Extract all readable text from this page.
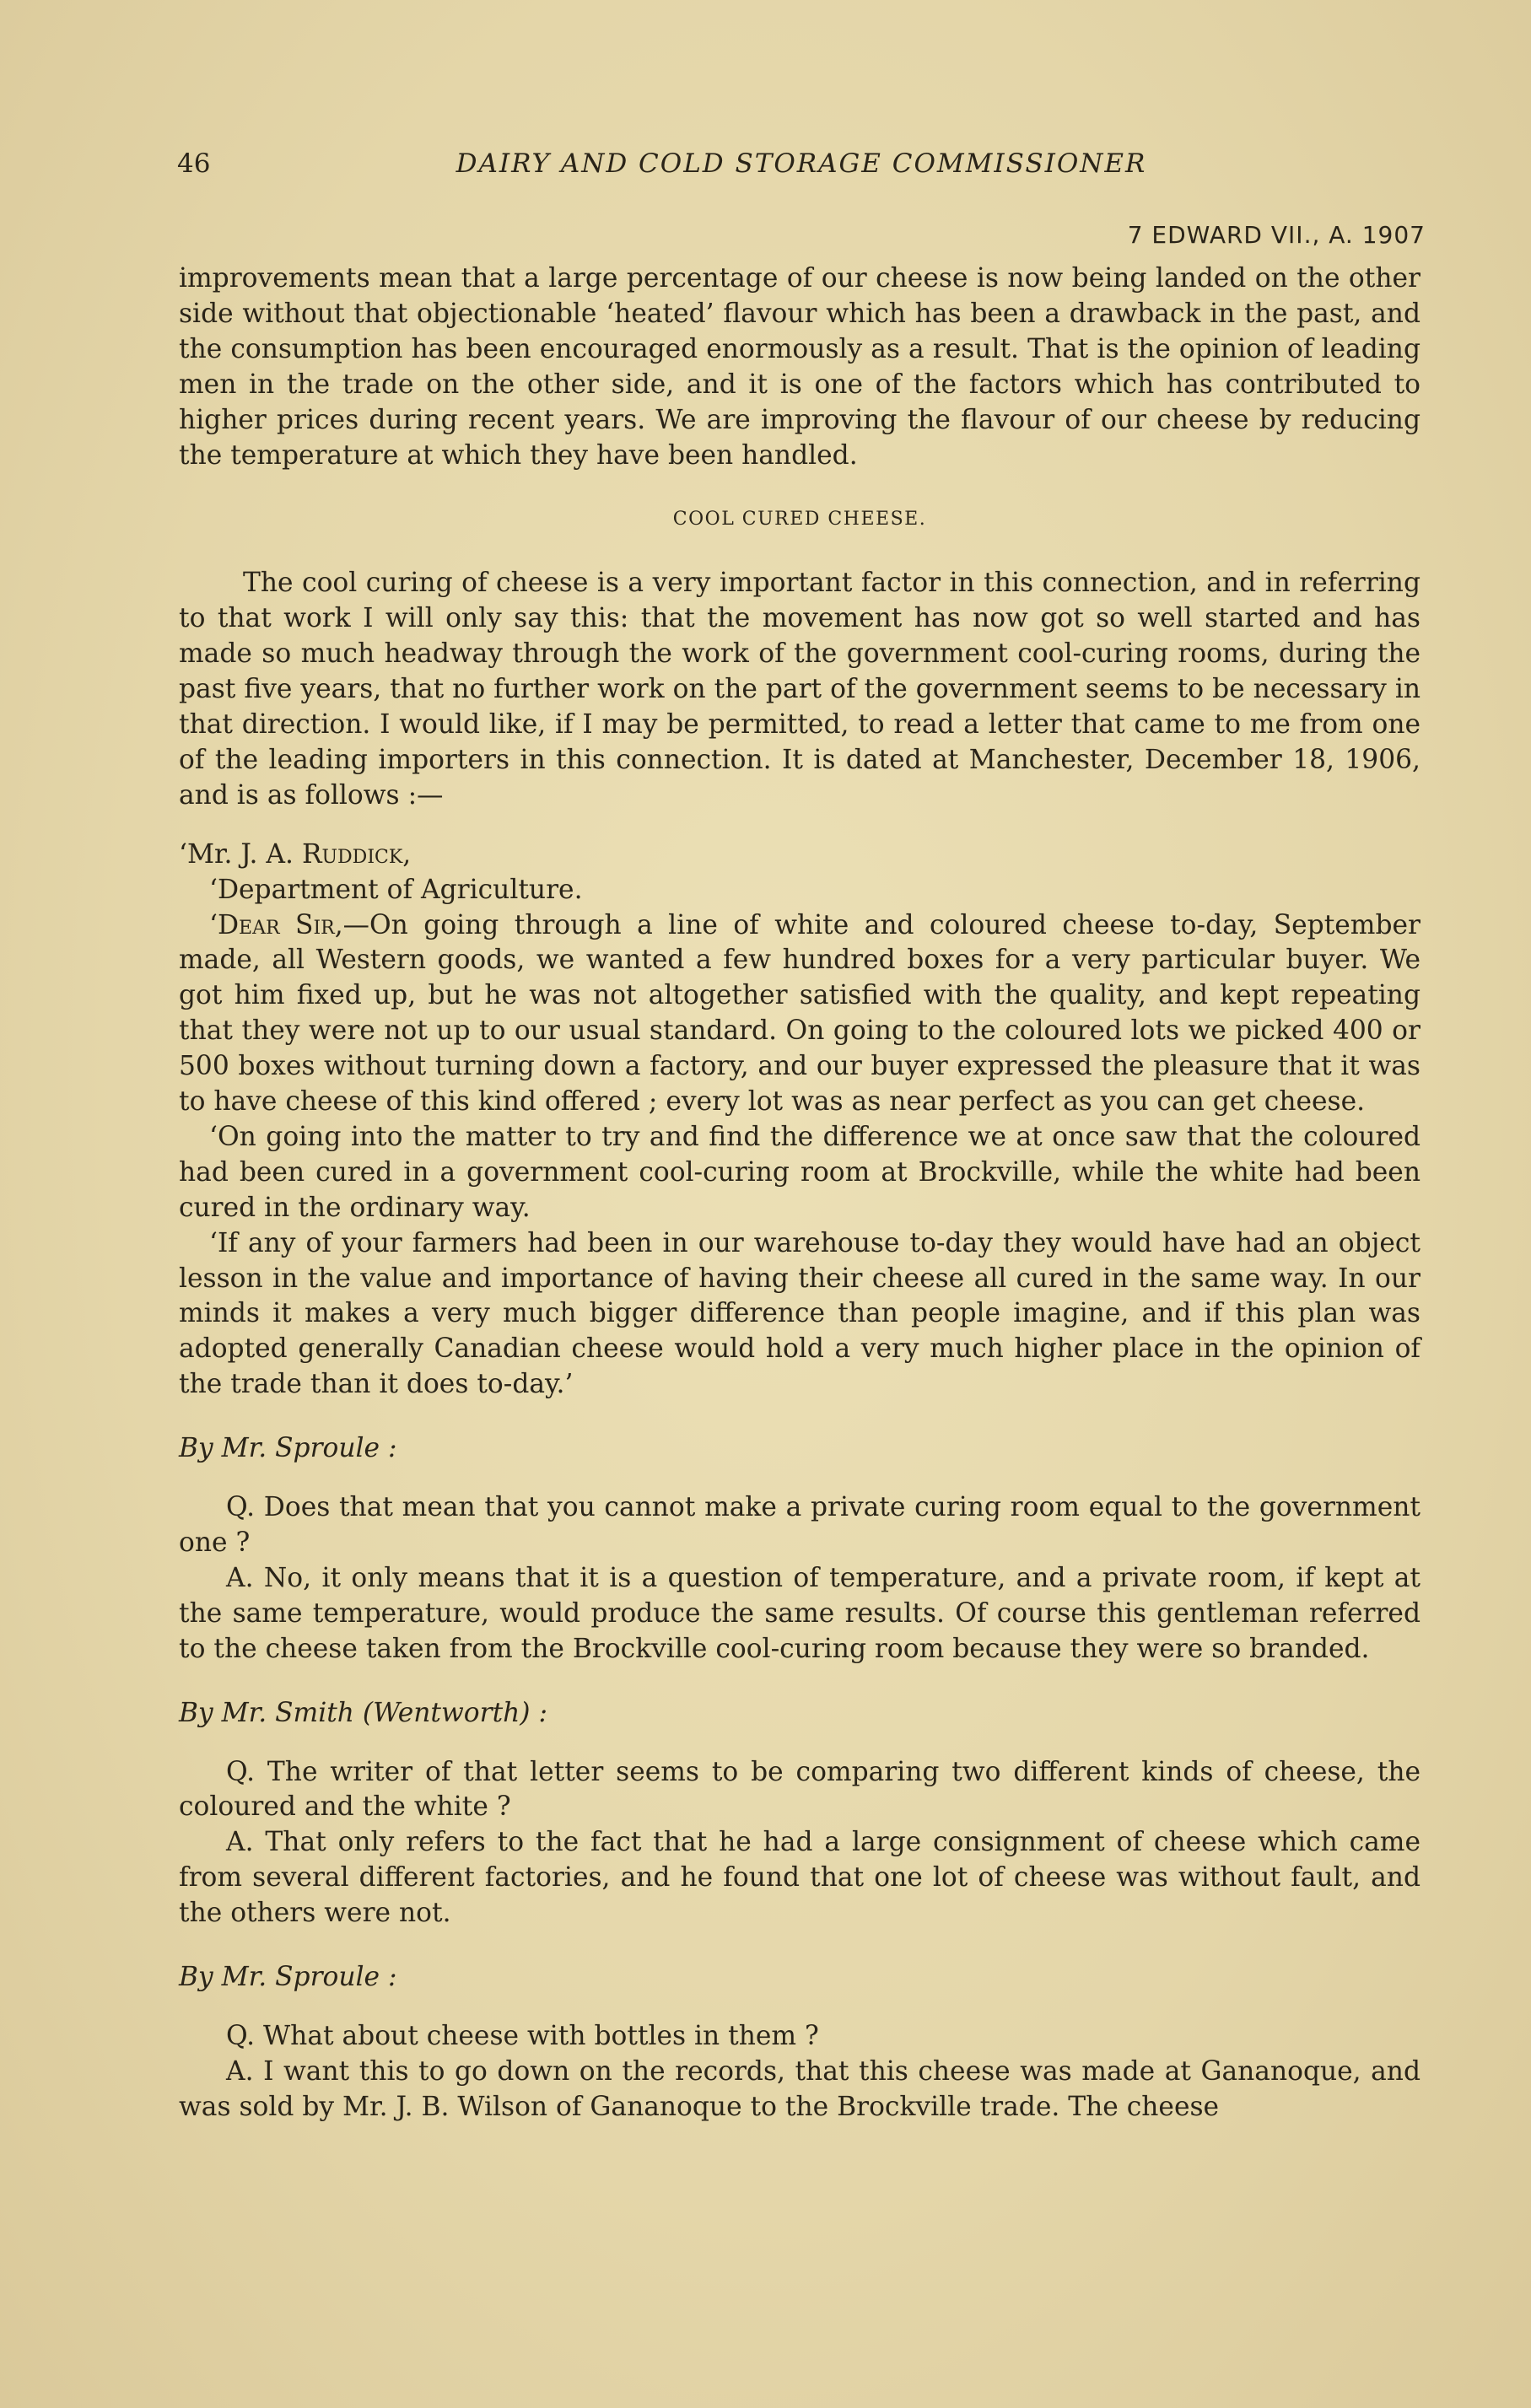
46	DAIRY AND COLD STORAGE COMMISSIONER
7 EDWARD VII., A. 1907

improvements mean that a large percentage of our cheese is now being landed on the other side without that objectionable ‘heated’ flavour which has been a drawback in the past, and the consumption has been encouraged enormously as a result. That is the opinion of leading men in the trade on the other side, and it is one of the factors which has contributed to higher prices during recent years. We are improving the flavour of our cheese by reducing the temperature at which they have been handled.

COOL CURED CHEESE.

The cool curing of cheese is a very important factor in this connection, and in referring to that work I will only say this: that the movement has now got so well started and has made so much headway through the work of the government cool-curing rooms, during the past five years, that no further work on the part of the government seems to be necessary in that direction. I would like, if I may be permitted, to read a letter that came to me from one of the leading importers in this connection. It is dated at Manchester, December 18, 1906, and is as follows :—

‘Mr. J. A. Ruddick,

‘Department of Agriculture.

‘Dear Sir,—On going through a line of white and coloured cheese to-day, September made, all Western goods, we wanted a few hundred boxes for a very particular buyer. We got him fixed up, but he was not altogether satisfied with the quality, and kept repeating that they were not up to our usual standard. On going to the coloured lots we picked 400 or 500 boxes without turning down a factory, and our buyer expressed the pleasure that it was to have cheese of this kind offered ; every lot was as near perfect as you can get cheese.

‘On going into the matter to try and find the difference we at once saw that the coloured had been cured in a government cool-curing room at Brockville, while the white had been cured in the ordinary way.

‘If any of your farmers had been in our warehouse to-day they would have had an object lesson in the value and importance of having their cheese all cured in the same way. In our minds it makes a very much bigger difference than people imagine, and if this plan was adopted generally Canadian cheese would hold a very much higher place in the opinion of the trade than it does to-day.’

By Mr. Sproule :

Q. Does that mean that you cannot make a private curing room equal to the government one ?

A. No, it only means that it is a question of temperature, and a private room, if kept at the same temperature, would produce the same results. Of course this gentleman referred to the cheese taken from the Brockville cool-curing room because they were so branded.

By Mr. Smith (Wentworth) :

Q. The writer of that letter seems to be comparing two different kinds of cheese, the coloured and the white ?

A. That only refers to the fact that he had a large consignment of cheese which came from several different factories, and he found that one lot of cheese was without fault, and the others were not.

By Mr. Sproule :

Q. What about cheese with bottles in them ?

A. I want this to go down on the records, that this cheese was made at Gananoque, and was sold by Mr. J. B. Wilson of Gananoque to the Brockville trade. The cheese
